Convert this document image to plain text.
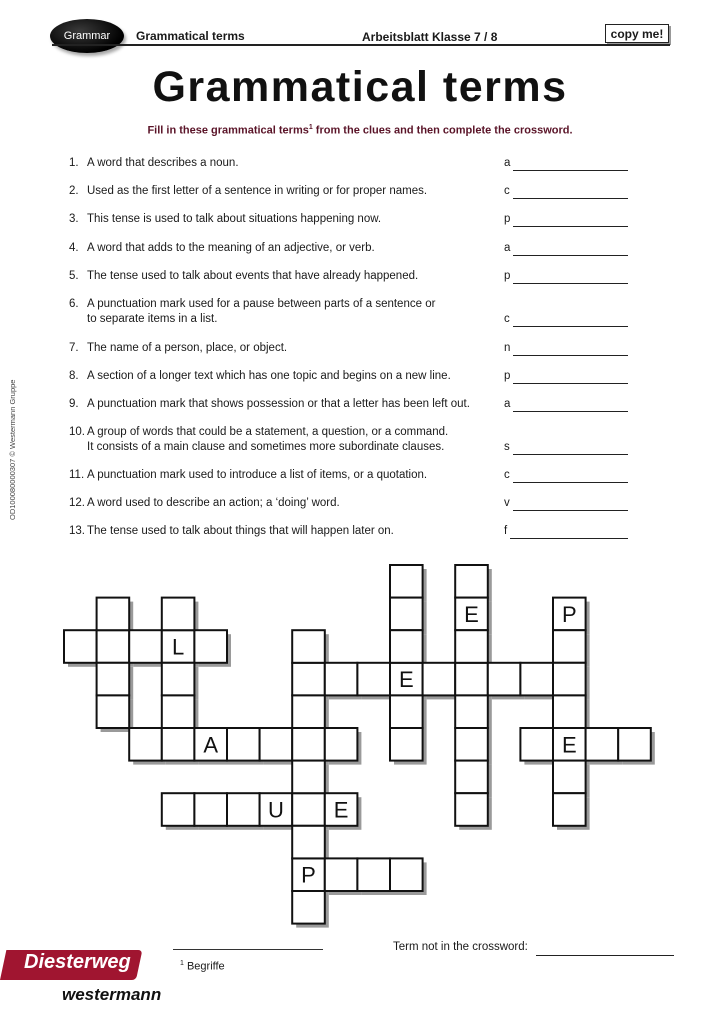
Grammar	Grammatical terms	Arbeitsblatt Klasse 7 / 8	copy me!
Grammatical terms
Fill in these grammatical terms$^1$ from the clues and then complete the crossword.
1. A word that describes a noun.	a
2. Used as the first letter of a sentence in writing or for proper names.	c
3. This tense is used to talk about situations happening now.	p
4. A word that adds to the meaning of an adjective, or verb.	a
5. The tense used to talk about events that have already happened.	p
6. A punctuation mark used for a pause between parts of a sentence or
to separate items in a list.	c
7. The name of a person, place, or object.	n
8. A section of a longer text which has one topic and begins on a new line.	p
9. A punctuation mark that shows possession or that a letter has been left out.	a
10. A group of words that could be a statement, a question, or a command.
It consists of a main clause and sometimes more subordinate clauses.	s
11. A punctuation mark used to introduce a list of items, or a quotation.	c
12. A word used to describe an action; a ‘doing’ word.	v
13. The tense used to talk about things that will happen later on.	f
OD100080000307 © Westermann Gruppe
L
E
A	E
U E
P
E	P
$^1$ Begriffe
Term not in the crossword:
Diesterweg
westermann
